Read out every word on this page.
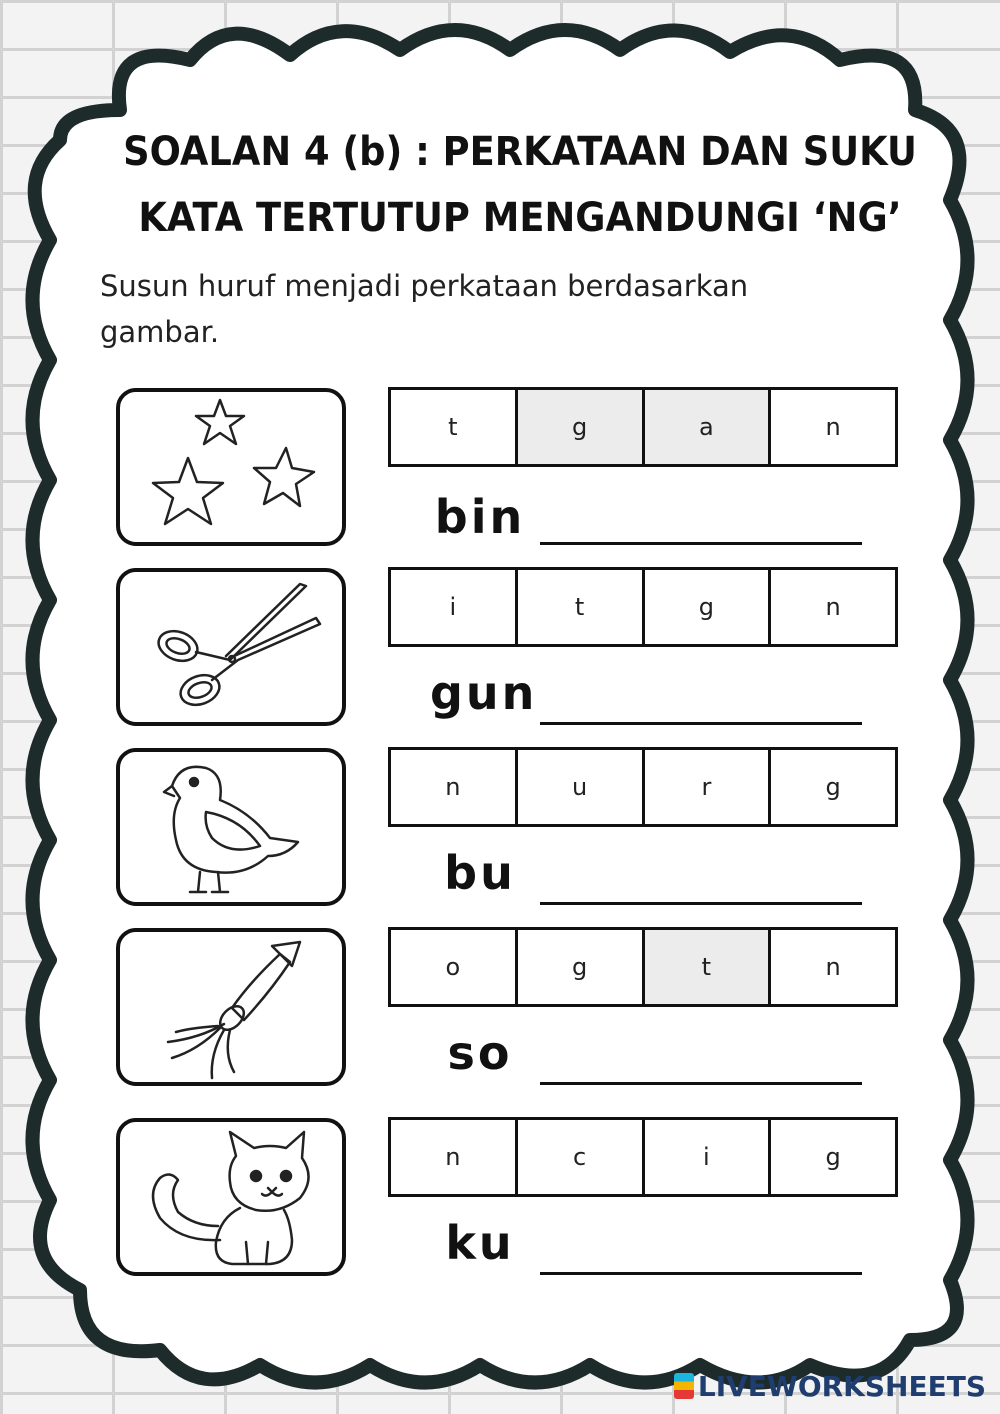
SOALAN 4 (b) : PERKATAAN DAN SUKU
KATA TERTUTUP MENGANDUNGI ‘NG’
Susun huruf menjadi perkataan berdasarkan
gambar.
t	g	a	n
bin
i	t	g	n
gun
n	u	r	g
bu
o	g	t	n
so
n	c	i	g
ku
LIVEWORKSHEETS
